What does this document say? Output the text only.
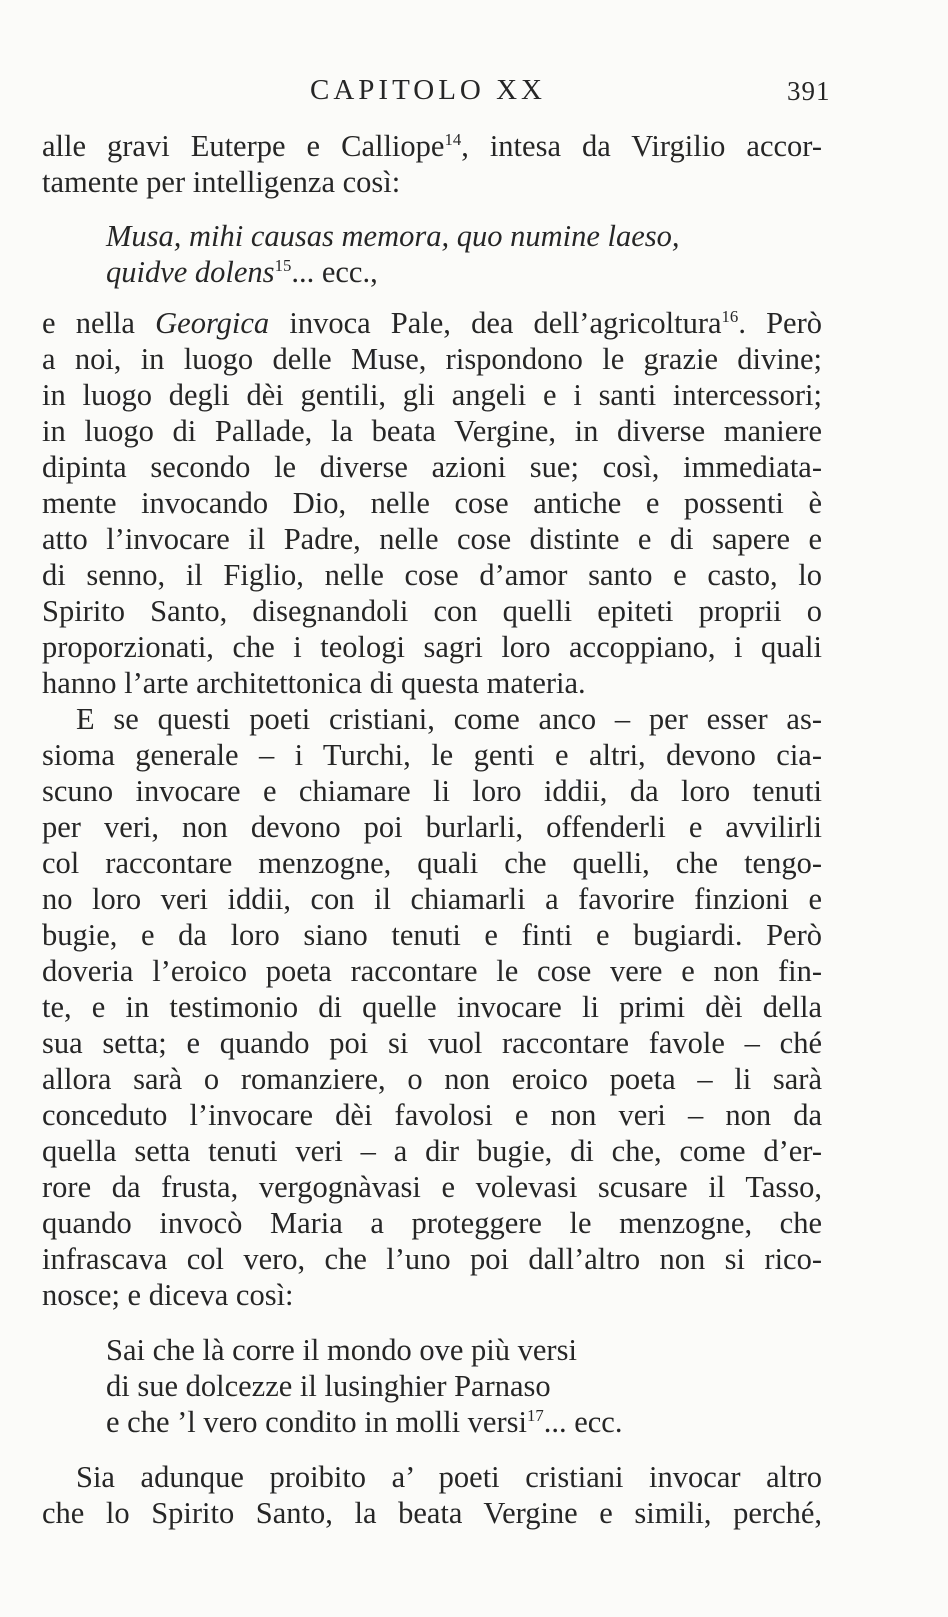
CAPITOLO XX	391
alle gravi Euterpe e Calliope$^{14}$, intesa da Virgilio accor-
tamente per intelligenza così:
Musa, mihi causas memora, quo numine laeso,
quidve dolens$^{15}$... ecc.,
e nella Georgica invoca Pale, dea dell’agricoltura$^{16}$. Però
a noi, in luogo delle Muse, rispondono le grazie divine;
in luogo degli dèi gentili, gli angeli e i santi intercessori;
in luogo di Pallade, la beata Vergine, in diverse maniere
dipinta secondo le diverse azioni sue; così, immediata-
mente invocando Dio, nelle cose antiche e possenti è
atto l’invocare il Padre, nelle cose distinte e di sapere e
di senno, il Figlio, nelle cose d’amor santo e casto, lo
Spirito Santo, disegnandoli con quelli epiteti proprii o
proporzionati, che i teologi sagri loro accoppiano, i quali
hanno l’arte architettonica di questa materia.
E se questi poeti cristiani, come anco – per esser as-
sioma generale – i Turchi, le genti e altri, devono cia-
scuno invocare e chiamare li loro iddii, da loro tenuti
per veri, non devono poi burlarli, offenderli e avvilirli
col raccontare menzogne, quali che quelli, che tengo-
no loro veri iddii, con il chiamarli a favorire finzioni e
bugie, e da loro siano tenuti e finti e bugiardi. Però
doveria l’eroico poeta raccontare le cose vere e non fin-
te, e in testimonio di quelle invocare li primi dèi della
sua setta; e quando poi si vuol raccontare favole – ché
allora sarà o romanziere, o non eroico poeta – li sarà
conceduto l’invocare dèi favolosi e non veri – non da
quella setta tenuti veri – a dir bugie, di che, come d’er-
rore da frusta, vergognàvasi e volevasi scusare il Tasso,
quando invocò Maria a proteggere le menzogne, che
infrascava col vero, che l’uno poi dall’altro non si rico-
nosce; e diceva così:
Sai che là corre il mondo ove più versi
di sue dolcezze il lusinghier Parnaso
e che ’l vero condito in molli versi$^{17}$... ecc.
Sia adunque proibito a’ poeti cristiani invocar altro
che lo Spirito Santo, la beata Vergine e simili, perché,
